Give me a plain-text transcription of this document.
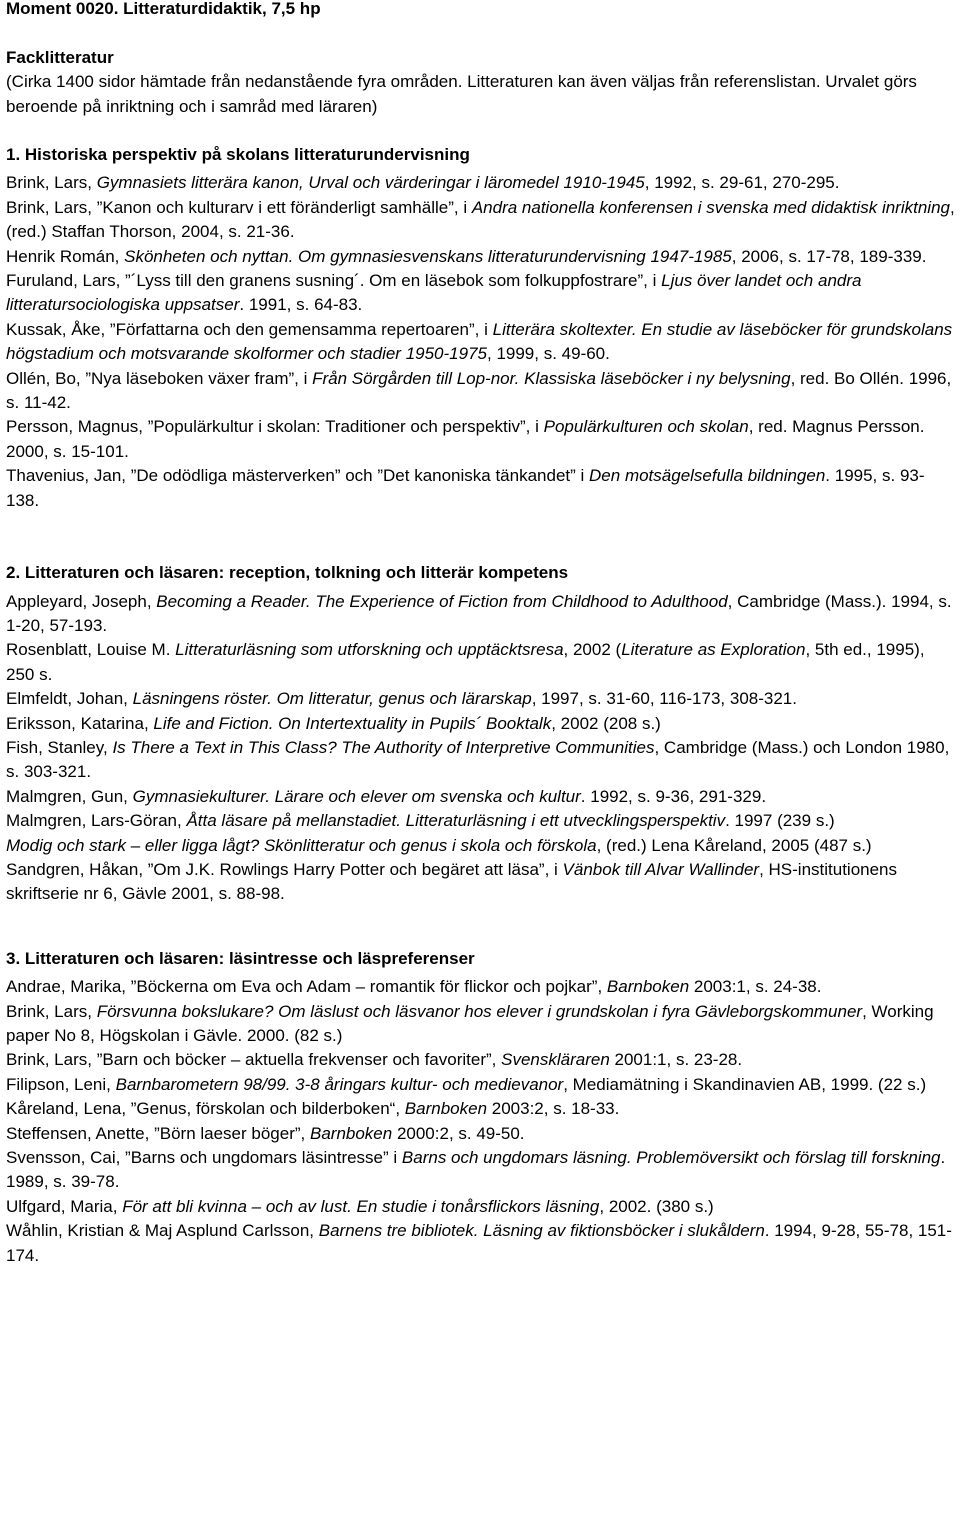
Moment 0020. Litteraturdidaktik, 7,5 hp

Facklitteratur

(Cirka 1400 sidor hämtade från nedanstående fyra områden. Litteraturen kan även väljas från referenslistan. Urvalet görs beroende på inriktning och i samråd med läraren)

1. Historiska perspektiv på skolans litteraturundervisning

Brink, Lars, Gymnasiets litterära kanon, Urval och värderingar i läromedel 1910-1945, 1992, s. 29-61, 270-295.

Brink, Lars, ”Kanon och kulturarv i ett föränderligt samhälle”, i Andra nationella konferensen i svenska med didaktisk inriktning, (red.) Staffan Thorson, 2004, s. 21-36.

Henrik Román, Skönheten och nyttan. Om gymnasiesvenskans litteraturundervisning 1947-1985, 2006, s. 17-78, 189-339.

Furuland, Lars, ”´Lyss till den granens susning´. Om en läsebok som folkuppfostrare”, i Ljus över landet och andra litteratursociologiska uppsatser. 1991, s. 64-83.

Kussak, Åke, ”Författarna och den gemensamma repertoaren”, i Litterära skoltexter. En studie av läseböcker för grundskolans högstadium och motsvarande skolformer och stadier 1950-1975, 1999, s. 49-60.

Ollén, Bo, ”Nya läseboken växer fram”, i Från Sörgården till Lop-nor. Klassiska läseböcker i ny belysning, red. Bo Ollén. 1996, s. 11-42.

Persson, Magnus, ”Populärkultur i skolan: Traditioner och perspektiv”, i Populärkulturen och skolan, red. Magnus Persson. 2000, s. 15-101.

Thavenius, Jan, ”De odödliga mästerverken” och ”Det kanoniska tänkandet” i Den motsägelsefulla bildningen. 1995, s. 93-138.

2. Litteraturen och läsaren: reception, tolkning och litterär kompetens

Appleyard, Joseph, Becoming a Reader. The Experience of Fiction from Childhood to Adulthood, Cambridge (Mass.). 1994, s. 1-20, 57-193.

Rosenblatt, Louise M. Litteraturläsning som utforskning och upptäcktsresa, 2002 (Literature as Exploration, 5th ed., 1995), 250 s.

Elmfeldt, Johan, Läsningens röster. Om litteratur, genus och lärarskap, 1997, s. 31-60, 116-173, 308-321.

Eriksson, Katarina, Life and Fiction. On Intertextuality in Pupils´ Booktalk, 2002 (208 s.)

Fish, Stanley, Is There a Text in This Class? The Authority of Interpretive Communities, Cambridge (Mass.) och London 1980, s. 303-321.

Malmgren, Gun, Gymnasiekulturer. Lärare och elever om svenska och kultur. 1992, s. 9-36, 291-329.

Malmgren, Lars-Göran, Åtta läsare på mellanstadiet. Litteraturläsning i ett utvecklingsperspektiv. 1997 (239 s.)

Modig och stark – eller ligga lågt? Skönlitteratur och genus i skola och förskola, (red.) Lena Kåreland, 2005 (487 s.)

Sandgren, Håkan, ”Om J.K. Rowlings Harry Potter och begäret att läsa”, i Vänbok till Alvar Wallinder, HS-institutionens skriftserie nr 6, Gävle 2001, s. 88-98.

3. Litteraturen och läsaren: läsintresse och läspreferenser

Andrae, Marika, ”Böckerna om Eva och Adam – romantik för flickor och pojkar”, Barnboken 2003:1, s. 24-38.

Brink, Lars, Försvunna bokslukare? Om läslust och läsvanor hos elever i grundskolan i fyra Gävleborgskommuner, Working paper No 8, Högskolan i Gävle. 2000. (82 s.)

Brink, Lars, ”Barn och böcker – aktuella frekvenser och favoriter”, Svenskläraren 2001:1, s. 23-28.

Filipson, Leni, Barnbarometern 98/99. 3-8 åringars kultur- och medievanor, Mediamätning i Skandinavien AB, 1999. (22 s.)

Kåreland, Lena, ”Genus, förskolan och bilderboken“, Barnboken 2003:2, s. 18-33.

Steffensen, Anette, ”Börn laeser böger”, Barnboken 2000:2, s. 49-50.

Svensson, Cai, ”Barns och ungdomars läsintresse” i Barns och ungdomars läsning. Problemöversikt och förslag till forskning. 1989, s. 39-78.

Ulfgard, Maria, För att bli kvinna – och av lust. En studie i tonårsflickors läsning, 2002. (380 s.)

Wåhlin, Kristian & Maj Asplund Carlsson, Barnens tre bibliotek. Läsning av fiktionsböcker i slukåldern. 1994, 9-28, 55-78, 151-174.
